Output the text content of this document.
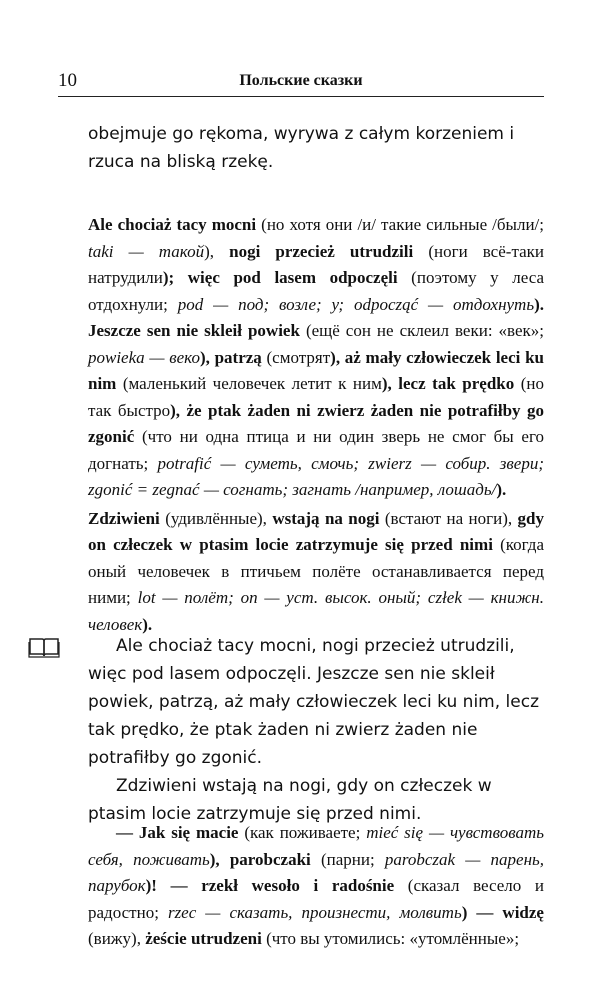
10	Польские сказки

obejmuje go rękoma, wyrywa z całym korzeniem i rzuca na bliską rzekę.

Ale chociaż tacy mocni (но хотя они /и/ такие сильные /были/; taki — такой), nogi przecież utrudzili (ноги всё-таки натрудили); więc pod lasem odpoczęli (поэтому у леса отдохнули; pod — под; возле; у; odpocząć — отдохнуть). Jeszcze sen nie skleił powiek (ещё сон не склеил веки: «век»; powieka — веко), patrzą (смотрят), aż mały człowieczek leci ku nim (маленький человечек летит к ним), lecz tak prędko (но так быстро), że ptak żaden ni zwierz żaden nie potrafiłby go zgonić (что ни одна птица и ни один зверь не смог бы его догнать; potrafić — суметь, смочь; zwierz — собир. звери; zgonić = zegnać — согнать; загнать /например, лошадь/).

Zdziwieni (удивлённые), wstają na nogi (встают на ноги), gdy on człeczek w ptasim locie zatrzymuje się przed nimi (когда оный человечек в птичьем полёте останавливается перед ними; lot — полёт; on — уст. высок. оный; człek — книжн. человек).

Ale chociaż tacy mocni, nogi przecież utrudzili, więc pod lasem odpoczęli. Jeszcze sen nie skleił powiek, patrzą, aż mały człowieczek leci ku nim, lecz tak prędko, że ptak żaden ni zwierz żaden nie potrafiłby go zgonić.

Zdziwieni wstają na nogi, gdy on człeczek w ptasim locie zatrzymuje się przed nimi.

— Jak się macie (как поживаете; mieć się — чувствовать себя, поживать), parobczaki (парни; parobczak — парень, парубок)! — rzekł wesoło i radośnie (сказал весело и радостно; rzec — сказать, произнести, молвить) — widzę (вижу), żeście utrudzeni (что вы утомились: «утомлённые»;
